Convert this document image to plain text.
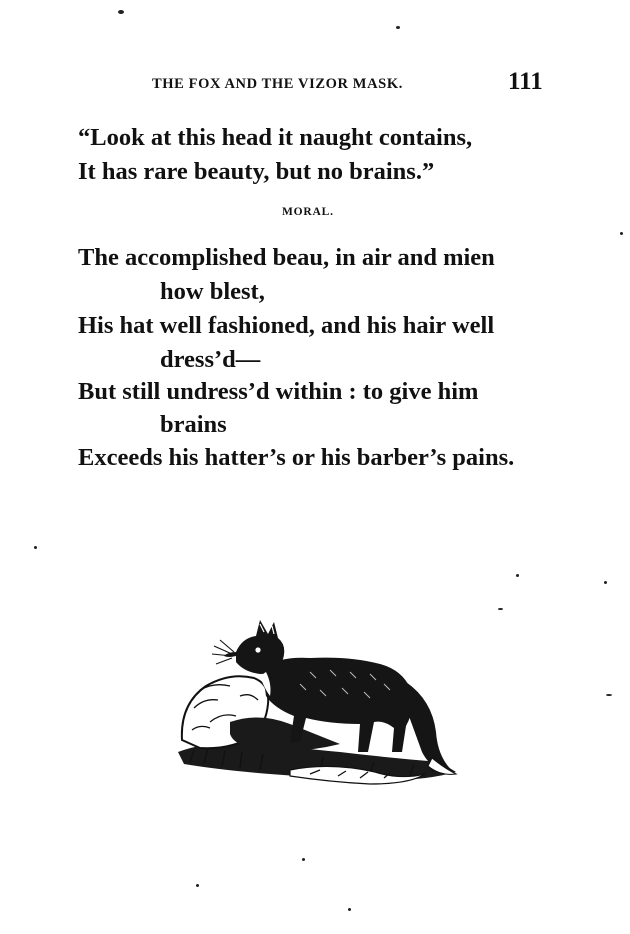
THE FOX AND THE VIZOR MASK.	111
“Look at this head it naught contains,
It has rare beauty, but no brains.”
MORAL.
The accomplished beau, in air and mien
how blest,
His hat well fashioned, and his hair well
dress’d—
But still undress’d within : to give him
brains
Exceeds his hatter’s or his barber’s pains.
